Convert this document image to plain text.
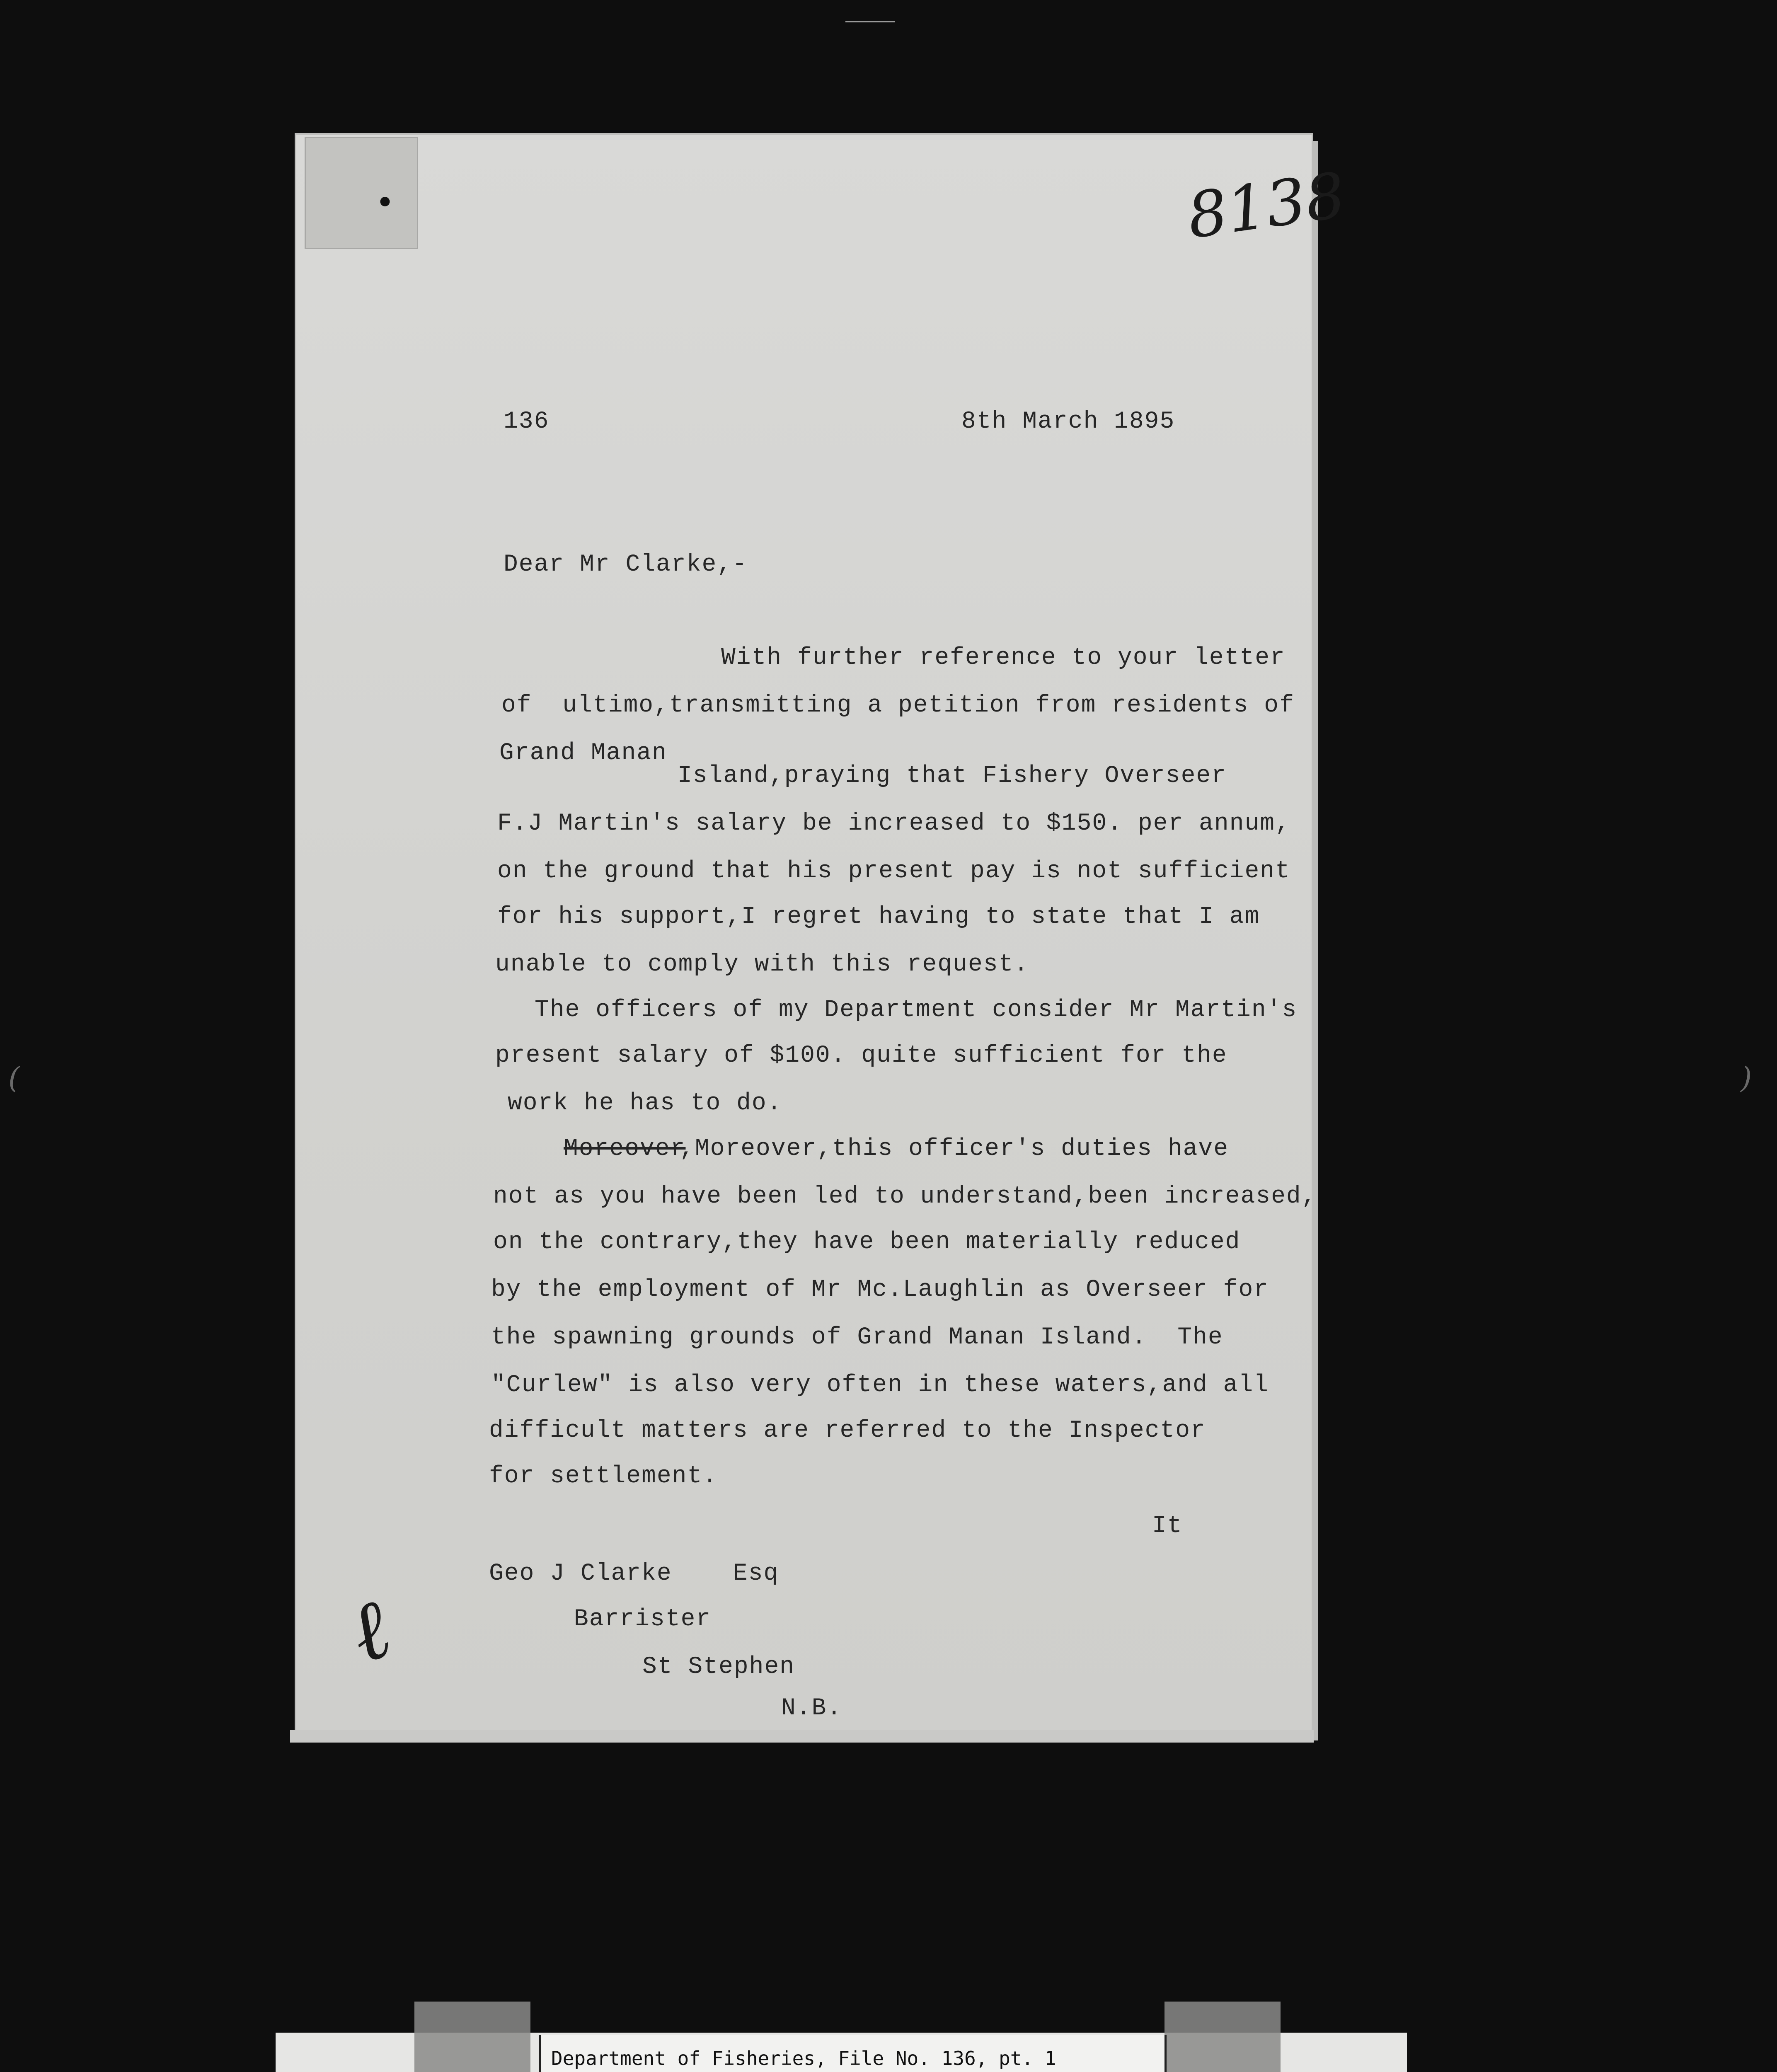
(	)
•	8138
136	8th March 1895
Dear Mr Clarke,-
With further reference to your letter
of  ultimo,transmitting a petition from residents of
Grand Manan
Island,praying that Fishery Overseer
F.J Martin's salary be increased to $150. per annum,
on the ground that his present pay is not sufficient
for his support,I regret having to state that I am
unable to comply with this request.
The officers of my Department consider Mr Martin's
present salary of $100. quite sufficient for the
work he has to do.
Moreover
,Moreover,this officer's duties have
not as you have been led to understand,been increased,
on the contrary,they have been materially reduced
by the employment of Mr Mc.Laughlin as Overseer for
the spawning grounds of Grand Manan Island.  The
"Curlew" is also very often in these waters,and all
difficult matters are referred to the Inspector
for settlement.
It
Geo J Clarke    Esq
Barrister
St Stephen
N.B.
ℓ
Department of Fisheries, File No. 136, pt. 1
